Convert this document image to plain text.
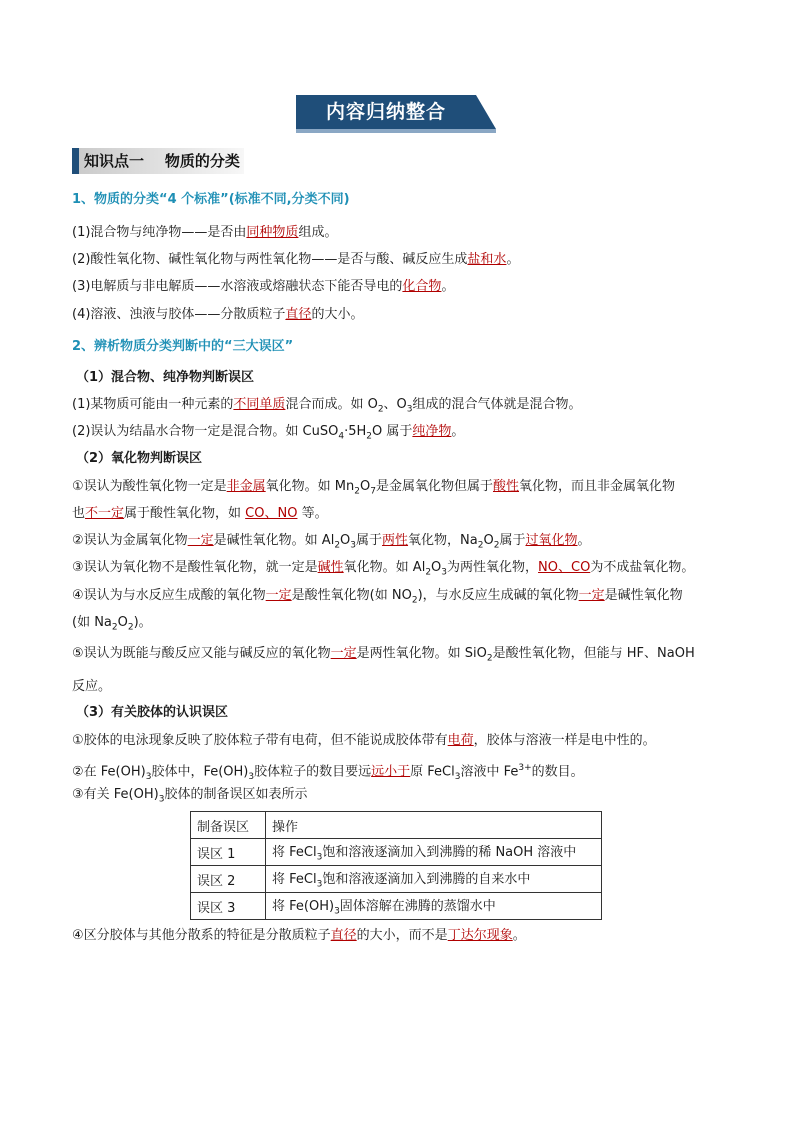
内容归纳整合
知识点一    物质的分类
1、物质的分类“4 个标准”(标准不同,分类不同)
(1)混合物与纯净物——是否由同种物质组成。
(2)酸性氧化物、碱性氧化物与两性氧化物——是否与酸、碱反应生成盐和水。
(3)电解质与非电解质——水溶液或熔融状态下能否导电的化合物。
(4)溶液、浊液与胶体——分散质粒子直径的大小。
2、辨析物质分类判断中的“三大误区”
（1）混合物、纯净物判断误区
(1)某物质可能由一种元素的不同单质混合而成。如 $O_2$、$O_3$组成的混合气体就是混合物。
(2)误认为结晶水合物一定是混合物。如 $CuSO_4\cdot 5H_2O$ 属于纯净物。
（2）氧化物判断误区
①误认为酸性氧化物一定是非金属氧化物。如 $Mn_2O_7$是金属氧化物但属于酸性氧化物，而且非金属氧化物
也不一定属于酸性氧化物，如 CO、NO 等。
②误认为金属氧化物一定是碱性氧化物。如 $Al_2O_3$属于两性氧化物，$Na_2O_2$属于过氧化物。
③误认为氧化物不是酸性氧化物，就一定是碱性氧化物。如 $Al_2O_3$为两性氧化物，NO、CO为不成盐氧化物。
④误认为与水反应生成酸的氧化物一定是酸性氧化物(如 $NO_2$)，与水反应生成碱的氧化物一定是碱性氧化物
(如 $Na_2O_2$)。
⑤误认为既能与酸反应又能与碱反应的氧化物一定是两性氧化物。如 SiO$_2$是酸性氧化物，但能与 HF、NaOH
反应。
（3）有关胶体的认识误区
①胶体的电泳现象反映了胶体粒子带有电荷，但不能说成胶体带有电荷，胶体与溶液一样是电中性的。
②在 $Fe(OH)_3$胶体中，$Fe(OH)_3$胶体粒子的数目要远远小于原 FeCl$_3$溶液中 $Fe^{3+}$的数目。
③有关 $Fe(OH)_3$胶体的制备误区如表所示
制备误区	操作
误区 1	将 FeCl$_3$饱和溶液逐滴加入到沸腾的稀 NaOH 溶液中
误区 2	将 FeCl$_3$饱和溶液逐滴加入到沸腾的自来水中
误区 3	将 $Fe(OH)_3$固体溶解在沸腾的蒸馏水中
④区分胶体与其他分散系的特征是分散质粒子直径的大小，而不是丁达尔现象。
